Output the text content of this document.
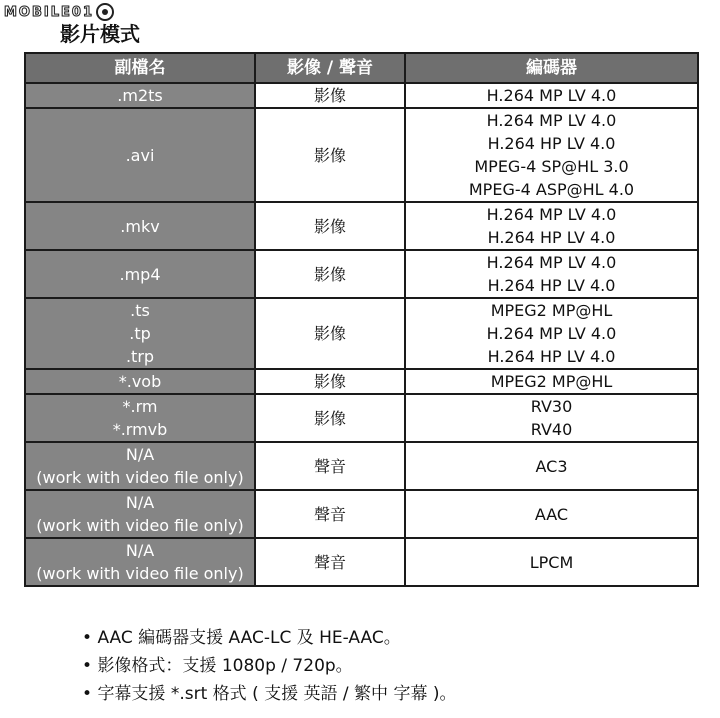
MOBILE01
影片模式
副檔名	影像 / 聲音	編碼器

.m2ts	影像	H.264 MP LV 4.0

.avi	影像	H.264 MP LV 4.0
H.264 HP LV 4.0
MPEG-4 SP@HL 3.0
MPEG-4 ASP@HL 4.0

.mkv	影像	H.264 MP LV 4.0
H.264 HP LV 4.0

.mp4	影像	H.264 MP LV 4.0
H.264 HP LV 4.0

.ts
.tp
.trp	影像	MPEG2 MP@HL
H.264 MP LV 4.0
H.264 HP LV 4.0

*.vob	影像	MPEG2 MP@HL

*.rm
*.rmvb	影像	RV30
RV40

N/A
(work with video file only)	聲音	AC3

N/A
(work with video file only)	聲音	AAC

N/A
(work with video file only)	聲音	LPCM
• AAC 編碼器支援 AAC-LC 及 HE-AAC。
• 影像格式：支援 1080p / 720p。
• 字幕支援 *.srt 格式 ( 支援 英語 / 繁中 字幕 )。
